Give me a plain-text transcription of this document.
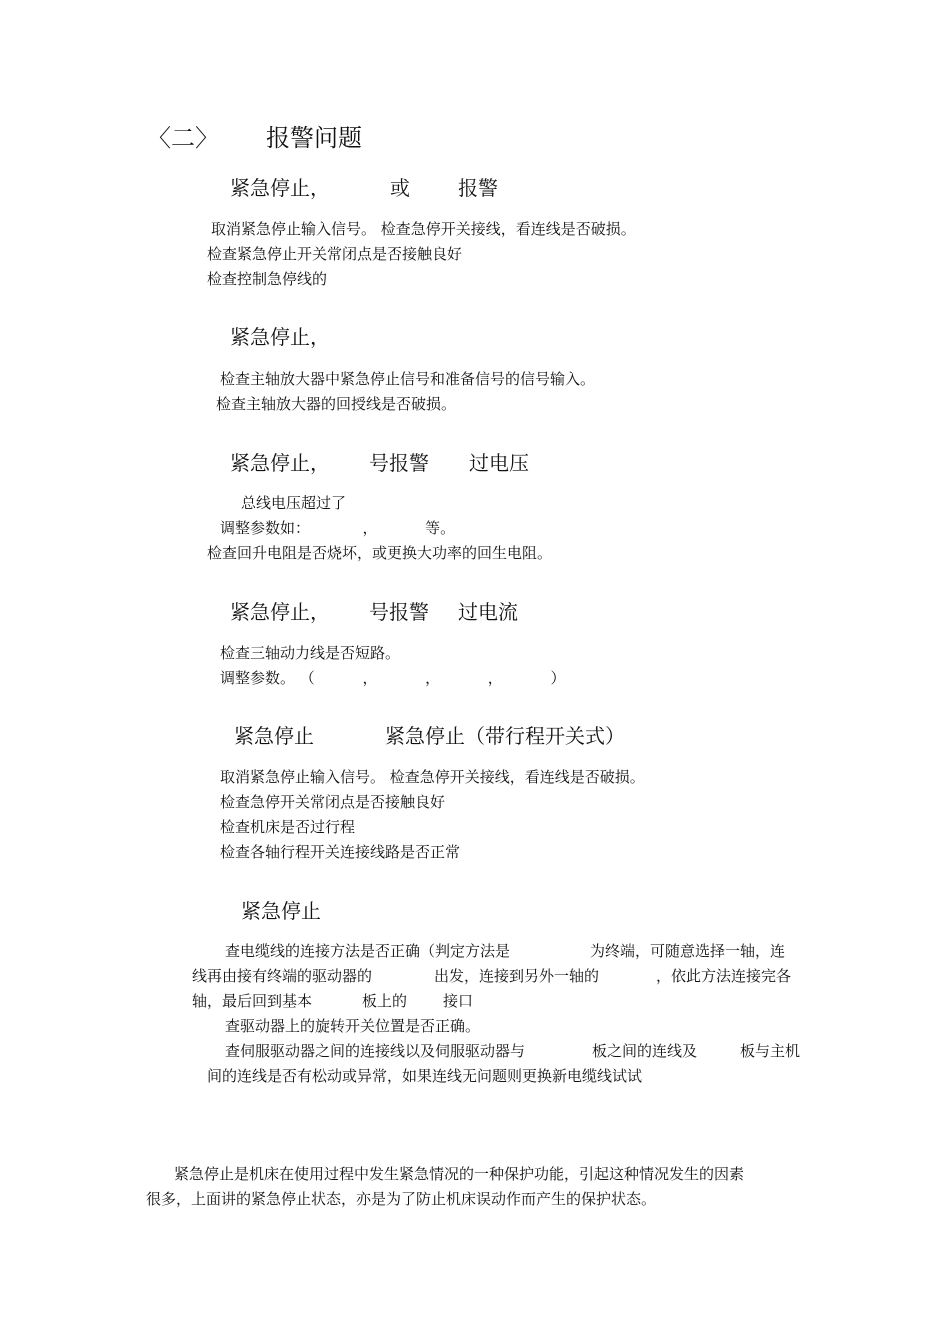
〈二〉 报警问题
紧急停止，	或 报警
取消紧急停止输入信号。 检查急停开关接线，看连线是否破损。
检查紧急停止开关常闭点是否接触良好
检查控制急停线的
紧急停止，
检查主轴放大器中紧急停止信号和准备信号的信号输入。
检查主轴放大器的回授线是否破损。
紧急停止， 号报警 过电压
总线电压超过了
调整参数如：           ，          等。
检查回升电阻是否烧坏，或更换大功率的回生电阻。
紧急停止， 号报警 过电流
检查三轴动力线是否短路。
调整参数。 （          ，          ，          ，          ）
紧急停止	紧急停止（带行程开关式）
取消紧急停止输入信号。 检查急停开关接线，看连线是否破损。
检查急停开关常闭点是否接触良好
检查机床是否过行程
检查各轴行程开关连接线路是否正常
紧急停止
查电缆线的连接方法是否正确（判定方法是	为终端，可随意选择一轴，连
线再由接有终端的驱动器的	出发，连接到另外一轴的	，依此方法连接完各
轴，最后回到基本	板上的 接口
查驱动器上的旋转开关位置是否正确。
查伺服驱动器之间的连接线以及伺服驱动器与	板之间的连线及	板与主机
间的连线是否有松动或异常，如果连线无问题则更换新电缆线试试
紧急停止是机床在使用过程中发生紧急情况的一种保护功能，引起这种情况发生的因素
很多，上面讲的紧急停止状态，亦是为了防止机床误动作而产生的保护状态。
